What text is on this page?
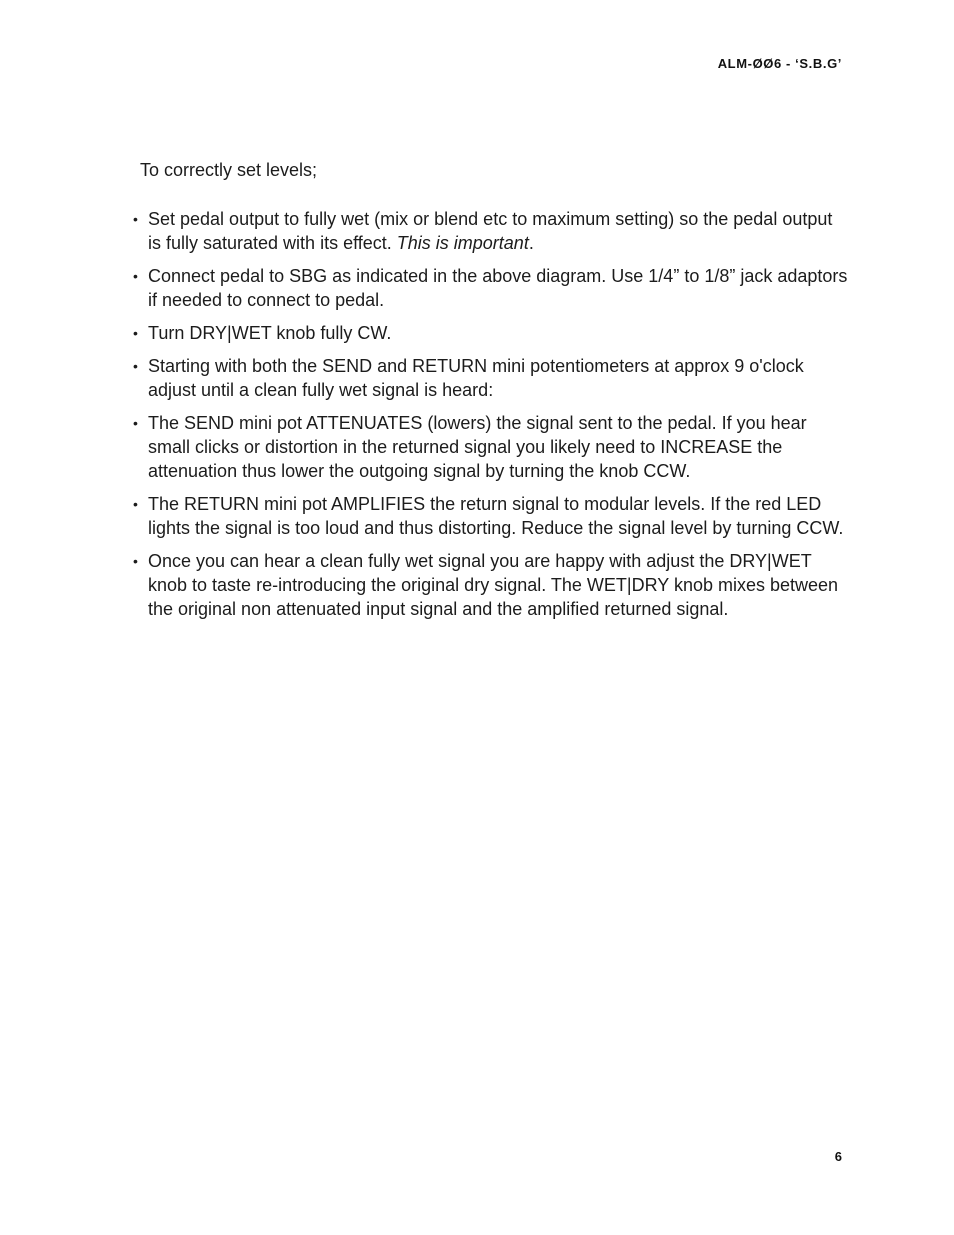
ALM-ØØ6 - ‘S.B.G’
To correctly set levels;
• Set pedal output to fully wet (mix or blend etc to maximum setting) so the pedal output is fully saturated with its effect. This is important.
• Connect pedal to SBG as indicated in the above diagram. Use 1/4” to 1/8” jack adaptors if needed to connect to pedal.
• Turn DRY|WET knob fully CW.
• Starting with both the SEND and RETURN mini potentiometers at approx 9 o'clock adjust until a clean fully wet signal is heard:
• The SEND mini pot ATTENUATES (lowers) the signal sent to the pedal. If you hear small clicks or distortion in the returned signal you likely need to INCREASE the attenuation thus lower the outgoing signal by turning the knob CCW.
• The RETURN mini pot AMPLIFIES the return signal to modular levels. If the red LED lights the signal is too loud and thus distorting. Reduce the signal level by turning CCW.
• Once you can hear a clean fully wet signal you are happy with adjust the DRY|WET knob to taste re-introducing the original dry signal. The WET|DRY knob mixes between the original non attenuated input signal and the amplified returned signal.
6
